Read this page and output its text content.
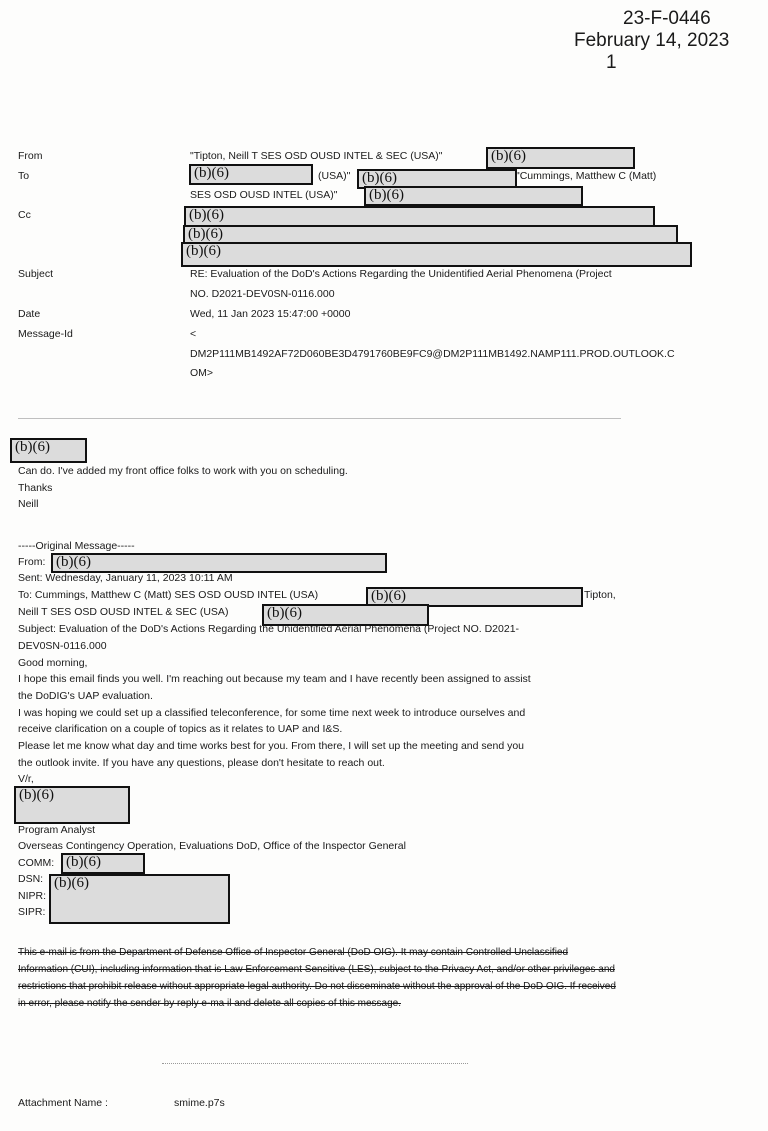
23-F-0446
February 14, 2023
1
From	"Tipton, Neill T SES OSD OUSD INTEL & SEC (USA)"	(b)(6)
To	(b)(6)	(USA)" (b)(6)	"Cummings, Matthew C (Matt)
SES OSD OUSD INTEL (USA)"	(b)(6)
Cc	(b)(6)
(b)(6)
(b)(6)
Subject	RE: Evaluation of the DoD's Actions Regarding the Unidentified Aerial Phenomena (Project
NO. D2021-DEV0SN-0116.000
Date	Wed, 11 Jan 2023 15:47:00 +0000
Message-Id	<
DM2P111MB1492AF72D060BE3D4791760BE9FC9@DM2P111MB1492.NAMP111.PROD.OUTLOOK.C
OM>
(b)(6)
Can do. I've added my front office folks to work with you on scheduling.
Thanks
Neill
-----Original Message-----
From: (b)(6)
Sent: Wednesday, January 11, 2023 10:11 AM
To: Cummings, Matthew C (Matt) SES OSD OUSD INTEL (USA)	(b)(6)	Tipton,
Neill T SES OSD OUSD INTEL & SEC (USA)	(b)(6)
Subject: Evaluation of the DoD's Actions Regarding the Unidentified Aerial Phenomena (Project NO. D2021-
DEV0SN-0116.000
Good morning,
I hope this email finds you well. I'm reaching out because my team and I have recently been assigned to assist
the DoDIG's UAP evaluation.
I was hoping we could set up a classified teleconference, for some time next week to introduce ourselves and
receive clarification on a couple of topics as it relates to UAP and I&S.
Please let me know what day and time works best for you. From there, I will set up the meeting and send you
the outlook invite. If you have any questions, please don't hesitate to reach out.
V/r,
(b)(6)
Program Analyst
Overseas Contingency Operation, Evaluations DoD, Office of the Inspector General
COMM: (b)(6)
DSN:
NIPR:
SIPR:
(b)(6)
This e-mail is from the Department of Defense Office of Inspector General (DoD OIG). It may contain Controlled Unclassified Information (CUI), including information that is Law Enforcement Sensitive (LES), subject to the Privacy Act, and/or other privileges and restrictions that prohibit release without appropriate legal authority. Do not disseminate without the approval of the DoD OIG. If received in error, please notify the sender by reply e-ma il and delete all copies of this message.
Attachment Name :	smime.p7s
